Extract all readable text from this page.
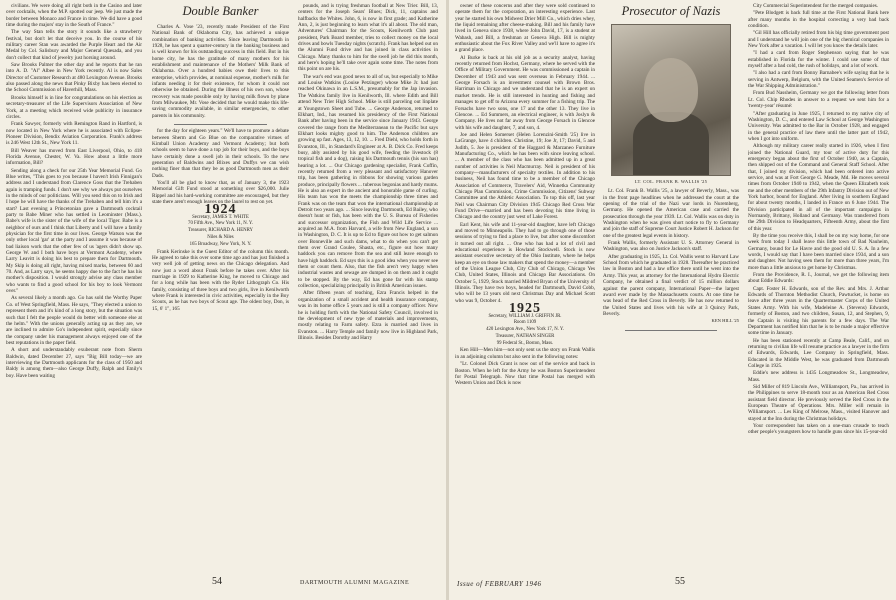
civilians. We were doing all right both in the Casino and later over cocktails, when the M.P. spotted our jeep. We just made the border between Monaco and France in time. We did have a good time during the majors' stay in the South of France."

The way Stan tells the story it sounds like a strawberry festival, but don't let that deceive you. In the course of his military career Stan was awarded the Purple Heart and the Air Medal by Col. Salisbury and Major General Quesada, and you don't collect that kind of jewelry just horsing around.

Saw Brooks Palmer the other day and he reports that he ran into A. D. "Al" Albee in New York recently. Al is now Sales Director of Customer Research at 480 Lexington Avenue. Brooks also passed along the news that Pinky Bixby has been elected to the School Commission of Haverhill, Mass.

Brooks himself is in line for congratulations on his election as secretary-treasurer of the Life Supervisors Association of New York, at a meeting which received wide publicity in insurance circles.

Frank Sawyer, formerly with Remington Rand in Hartford, is now located in New York where he is associated with Eclipse-Pioneer Division, Bendix Aviation Corporation. Frank's address is 246 West 12th St., New York 11.

Bill Weaver has moved from East Liverpool, Ohio, to 418 Florida Avenue, Chester, W. Va. How about a little more information, Bill?

Sending along a check for our 25th Year Memorial Fund. Go Blue writes, "This goes to you because I haven't Irish Finnigan's address and I understand from Clarence Goss that the Trehaben again is tramping funds. I don't see why we always put ourselves in the minds of our politicians. Will you send this on to Irish and I hope he will have the thanks of the Trehaben and tell him it's a start? Last evening a Princetonian gave a Dartmouth cocktail party to Babe Miner who has settled in Leominster (Mass.). Babe's wife is the sister of the wife of the local Tiger. Babe is a neighbor of ours and I think that Liberty and I will have a family physician for the first time in our lives. George Watson was the only other local 'gar' at the party and I assume it was because of bad liaison work that the other few of us 'agers didn't show up. George W. and I both have boys at Vermont Academy, where Larry Leavitt is doing his best to prepare them for Dartmouth. My Skip is doing all right, having mixed marks, between 60 and 70. And, as Larry says, he seems happy due to the fact he has his mother's disposition. I would strongly advise any class member who wants to find a good school for his boy to look Vermont over."

As several likely a month ago. Go has sold the Worthy Paper Co. of West Springfield, Mass. He says, "They elected a union to represent them and it's kind of a long story, but the situation was such that I felt the people would do better with someone else at the helm." With the unions generally acting up as they are, we are inclined to admire Go's independent spirit, especially since the company under his management always enjoyed one of the best reputations in the paper field.

A short and understandably exuberant note from Sherm Baldwin, dated December 27, says "Big Bill today—we are interviewing the Dartmouth applicants for the class of 1950 and Baldy is among them—also George Duffy, Ralph and Emily's boy. Have been waiting

Double Banker

Charles A. Vose '23, recently made President of the First National Bank of Oklahoma City, has achieved a unique combination of banking activities. Since leaving Dartmouth in 1928, he has spent a quarter-century in the banking business and is well known for his outstanding success in this field. But in his home city, he has the gratitude of many mothers for his establishment and maintenance of the Mothers' Milk Bank of Oklahoma. Over a hundred babies owe their lives to this enterprise, which provides, at nominal expense, mother's milk for infants needing it for their existence, for whom it could not otherwise be obtained. During the illness of his own son, whose recovery was made possible only by having milk flown by plane from Milwaukee, Mr. Vose decided that he would make this life-saving commodity available, in similar emergencies, to other parents in his community.

for the day for eighteen years." We'll have to promote a debate between Sherm and Go Blue on the comparative virtues of Kimball Union Academy and Vermont Academy; but both schools seem to have done a top job for their boys, and the boys have certainly done a swell job in their schools. To the new generation of Baldwins and Blixes and Duffys we can wish nothing finer than that they be as good Dartmouth men as their Dads.

You'll all be glad to know that, as of January 3, the 1923 Memorial Gift Fund stood at something over $26,000. Julie Rippel and his hard-working committee are encouraged, but they state there aren't enough leaves on the laurel to rest on yet.

1924

Secretary, JAMES T. WHITE

70 Fifth Ave., New York 11, N. Y.

Treasurer, RICHARD A. HENRY

Niles & Niles

165 Broadway, New York, N. Y.

Frank Kerinske is the Guest Editor of the column this month. He agreed to take this over some time ago and has just finished a very well job of getting news on the Chicago delegation. And now just a word about Frank before he takes over. After his marriage in 1929 to Katherine King, he moved to Chicago and for a long while has been with the Ryder Lithograph Co. His family, consisting of three boys and two girls, live in Kenilworth where Frank is interested in civic activities, especially in the Boy Scouts, as he has two boys of Scout age. The oldest boy, Don, is 15, 6' 1", 165

pounds, and is trying freshman football at New Trier. Bill, 13, centers for the Joseph Sears' Blues; Dick, 11, captains and halfbacks the Whites. John, 6, is now in first grade; and Katherine Ann, 2, is just beginning to learn what it's all about. The old man, Adventures' Chairman for the Scouts, Kenilworth Club past president, Park Board member, tries to collect money on the local drives and bowls Tuesday nights (scratch). Frank has helped out on the Alumni Fund drive and has joined in class activities in Chicago. Many thanks to him for the swell job he did this month, and here's hoping he'll take over again some time. The notes from this point on are his.

The war's end was good news to all of us, but especially to Mike and Louise Watkins (Louise Petzinger) whose Mike Jr. had just reached Okinawa in an L.S.M., presumably for the Jap invasion. The Watkins family live in Kenilworth, Ill. where Edith and Bill attend New Trier High School. Mike is still parceling out linplate at Youngstown Sheet and Tube. ... George Anderson, returned to Elkhart, Ind., has resumed his presidency of the First National Bank after having been in the service since January 1943. George covered the range from the Mediterranean to the Pacific but says Elkhart looks mighty good to him. The Anderson children are growing up fast. Ages, 13, 12, 10. ... Fred Diehl, who holds forth in Evanston, Ill., in Standard's Engineer at A. B. Dick Co. Fred keeps busy, ably assisted by his good wife, feeding the livestock (8 tropical fish and a dog), raising his Dartmouth tennis (his son has) hearing a lot. ... Our Chicago gardening specialist, Frank Coffin, recently returned from a very pleasant and satisfactory Hanover trip, has been gathering in ribbons for showing various garden produce, principally flowers ... tuberous begonias and hardy mums. He is also an expert in the ancient and honorable game of curling. His team has won the meets the championship three times and Frank was on the team that won the international championship at Detroit two years ago. ... Since leaving Dartmouth, Ed Bailey, who doesn't hunt or fish, has been with the U. S. Bureau of Fisheries and successor organization, the Fish and Wild Life Service ... acquired an M.A. from Harvard, a wife from New England, a son in Washington, D. C. It is up to Ed to figure out how to get salmon over Bonneville and such dams, what to do when you can't get them over Grand Coulee, Shasta, etc., figure out how many haddock you can remove from the sea and still leave enough to have high haddock. Ed says this is a good idea when you never see them or count them. Also, that the fish aren't very happy when industrial wastes and sewage are dumped in on them and it ought to be stopped. By the way, Ed has gone far with his stamp collection, specializing principally in British American issues.

After fifteen years of teaching, Ezra Francis helped in the organization of a small accident and health insurance company, was in its home office 5 years and is still a company officer. Now he is holding forth with the National Safety Council, involved in the development of new type of materials and improvements, mostly relating to Farm safety. Ezra is married and lives in Evanston. ... Harry Temple and family now live in Highland Park, Illinois. Besides Dorothy and Harry

54	DARTMOUTH ALUMNI MAGAZINE

owner of these concerns and after they were sold continued to operate them for the corporation, an interesting experience. Last year he started his own Midwest Drier Mill Co., which dries whey, the liquid remaining after cheese-making. Bill and his family have lived in Geneva since 1938, where John David, 17, is a student at Wabash, and Bill, a freshman at Geneva High. Bill is mighty enthusiastic about the Fox River Valley and we'll have to agree it's a grand place.

Al Burke is back at his old job as a security analyst, having recently returned from Hochst, Germany, where he served with the Office of Military Government. He was commissioned a captain in December of 1943 and was sent overseas in February 1944. ... George Forsach is an investment counsel with Brown Bros. Harriman in Chicago and we understand that he is an expert on market trends. He is still interested in hunting and fishing and manages to get off to Arizona every summer for a fishing trip. The Forsachs have two sons, one 17 and the other 13. They live in Glencoe. ... Ed Summers, an electrical engineer, is with Joslyn & Company. He lives not far away from George Forsach in Glencoe with his wife and daughter, 7, and son, 4.

Joe and Helen Somerset (Helen Lorenzini-Smith '25) live in LaGrange, have 4 children. Christine, 19; Joe Jr, 17; David, 5 and Judith, 5. Joe is president of the Haggard & Marzaneo Furniture Manufacturing Co., which he has been with since leaving school. ... A member of the class who has been admitted up in a great number of activities is Neil Macmurray. Neil is president of his company—manufacturers of specialty textiles. In addition to his business, Neil has found time to be a member of the Chicago Association of Commerce, Travelers' Aid, Winnetka Community Chicago Plan Commission, Crime Commission, Citizens' Subway Committee and the Athletic Association. To top this off, last year Neil was Chairman City Division 1945 Chicago Red Cross War Fund Drive—married and has been devoting his time living in Chicago and the country just west of Lake Forest.

Earl Kent, his wife and 11-year-old daughter, have left Chicago and moved to Minneapolis. They had to go through one of those sessions of trying to find a place to live, but after some discomfort it turned out all right. ... One who has had a lot of civil and educational experience is Howland Stockwell. Stock is now assistant executive secretary of the Ohio Institute, where he helps keep an eye on those law makers that spend the money—a member of the Union League Club, City Club of Chicago, Chicago Yes Club, United States, Illinois and Chicago Bar Associations. On October 5, 1929, Stock married Mildred Bryan of the University of Illinois. They have two boys, headed for Dartmouth, David Cobb, who will be 13 years old next Christmas Day and Michael Scott who was 9, October 4.

1925

Secretary, WILLIAM J. GRIFFIN JR.

Room 1109

420 Lexington Ave., New York 17, N. Y.

Treasurer, NATHAN SINGER

99 Federal St., Boston, Mass.

Ken Hill—Men him—not only sent us the story on Frank Wallis in an adjoining column but also sent in the following notes:

"Lt. Colonel Dick Grant is now out of the service and back in Boston. When he left for the Army he was Boston Superintendent for Postal Telegraph. Now that time Postal has merged with Western Union and Dick is now

Prosecutor of Nazis
LT. COL. FRANK B. WALLIS '25

Lt. Col. Frank B. Wallis '25, a lawyer of Beverly, Mass., was in the front page headlines when he addressed the court at the opening of the trial of the Nazi war lords in Nuremberg, Germany. He opened the American case and carried the prosecution through the year 1939. Lt. Col. Wallis was on duty in Washington when he was given short notice to fly to Germany and join the staff of Supreme Court Justice Robert H. Jackson for one of the greatest legal events in history.

Frank Wallis, formerly Assistant U. S. Attorney General in Washington, was also on Justice Jackson's staff.

After graduating in 1925, Lt. Col. Wallis went to Harvard Law School from which he graduated in 1928. Thereafter he practiced law in Boston and had a law office there until he went into the Army. This year, as attorney for the International Hydro Electric Company, he obtained a final verdict of 15 million dollars against the parent company, International Paper—the largest award ever made by the Massachusetts courts. At one time he was head of the Red Cross in Beverly. He has now returned to the United States and lives with his wife at 3 Quincy Park, Beverly.

KEN HILL '25

City Commercial Superintendent for the merged companies.

"Pete Blodgett is back full time at the First National Bank here after many months in the hospital correcting a very bad back condition.

"Gil Hill has officially retired from his big time government post and I understand he will join one of the big chemical companies in New York after a vacation. I will let you know the details later.

"I had a card from Roger Stephenson saying that he was established in Florida for the winter. I could use some of that myself after a bad cold, the rush of holidays, and a lot of work.

"I also had a card from Bonny Barnabee's wife saying that he is serving in Antwerp, Belgium, with the United Seamen's Service of the War Shipping Administration."

From Bud Nassheim, Germany we got the following letter from Lt. Col. Chip Rhodes in answer to a request we sent him for a 'twenty-year' résumé:

"After graduating in June 1925, I returned to my native city of Washington, D. C., and entered Law School at George Washington University. Was admitted to the Bar in October 1928, and engaged in the general practice of law there until the latter part of 1942, when I got into uniform.

Although my military career really started in 1926, when I first joined the National Guard, my tour of active duty for this emergency began about the first of October 1940, as a Captain, then shipped out of the Command and General Staff School. After that, I joined my division, which had been ordered into active service, and was at Fort George G. Meade, Md. He moves several times from October 1940 to 1942, when the Queen Elizabeth took me and the other members of the 29th Infantry Division out of New York harbor, bound for England. After living in southern England for about twenty months, I landed in France on 6 June 1944. The Division participated in all of the important campaigns in Normandy, Brittany, Holland and Germany. Was transferred from the 29th Division to Headquarters, Fifteenth Army, about the first of this year.

By the time you receive this, I shall be on my way home, for one week from today I shall leave this little town of Bad Nauheim, Germany, bound for Le Havre and the good old U. S. A. In a few words, I would say that I have been married since 1934, and a son and daughter. Not having seen them for more than three years, I'm more than a little anxious to get home by Christmas.

From the Providence, R. I., Journal, we get the following item about Eddie Edwards:

Capt. Foster H. Edwards, son of the Rev. and Mrs. J. Arthur Edwards of Thornton Methodist Church, Pawtucket, is home on leave after three years in the Quartermaster Corps of the United States Army. With his wife, Madeleine A. (Stevens) Edwards, formerly of Boston, and two children, Susan, 12, and Stephen, 9, the Captain is visiting his parents for a few days. The War Department has notified him that he is to be made a major effective some time in January.

He has been stationed recently at Camp Beale, Calif., and on returning to civilian life will resume practice as a lawyer in the firm of Edwards, Edwards, Lee Company in Springfield, Mass. Educated in the Middle West, he was graduated from Dartmouth College in 1925.

Eddie's new address is 1435 Longmeadow St., Longmeadow, Mass.

Sid Miller of 819 Lincoln Ave., Williamsport, Pa., has arrived in the Philippines to serve 18-month tour as an American Red Cross assistant field director. He previously served the Red Cross in the European Theatre of Operations. Mrs. Miller will remain in Williamsport. ... Les King of Melrose, Mass., visited Hanover and stayed at the Inn during the Christmas holidays.

Your correspondent has taken on a one-man crusade to teach other people's youngsters how to handle guns since his 15-year-old

Issue of FEBRUARY 1946	55
